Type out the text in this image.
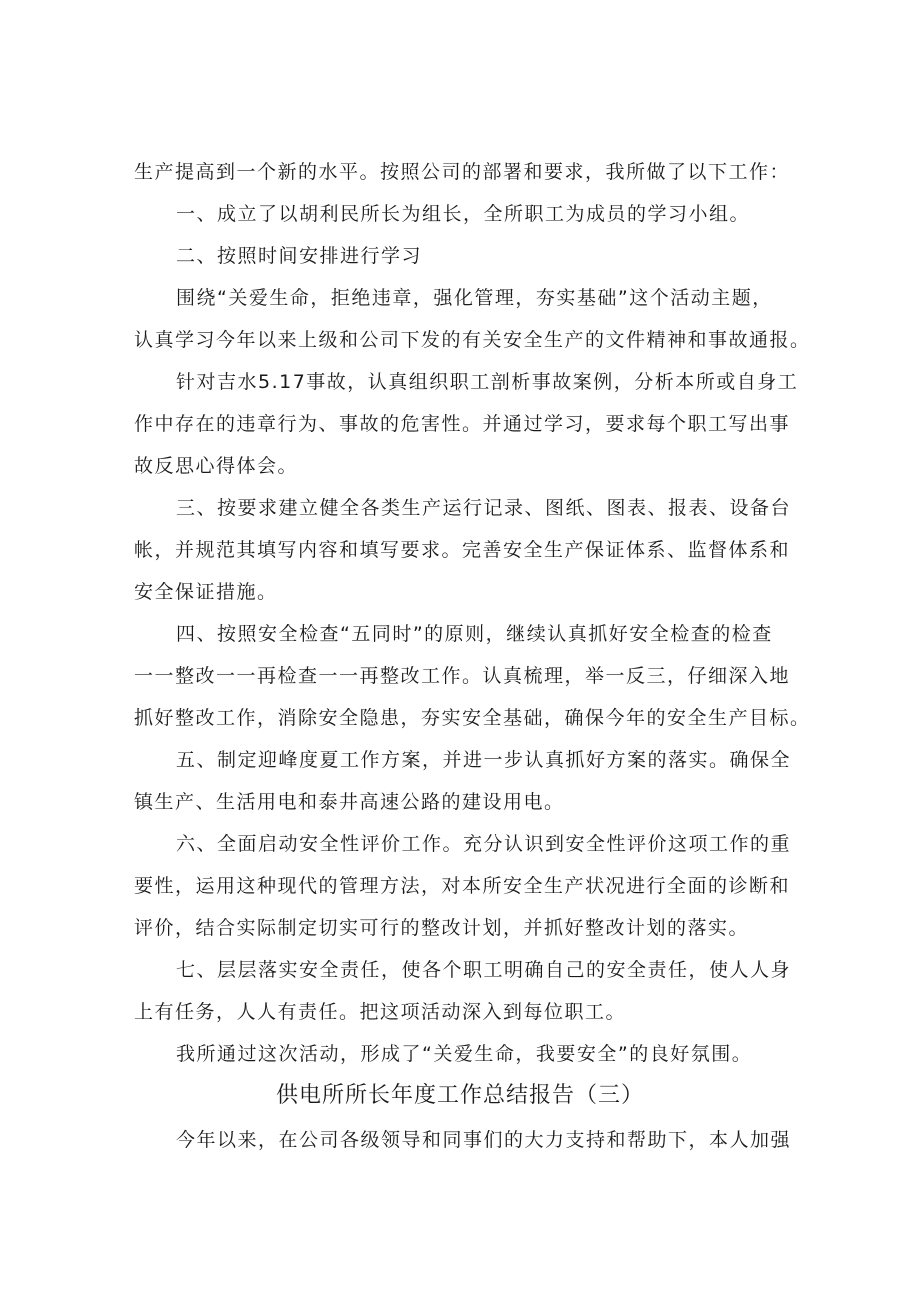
生产提高到一个新的水平。按照公司的部署和要求，我所做了以下工作：
一、成立了以胡利民所长为组长，全所职工为成员的学习小组。
二、按照时间安排进行学习
围绕“关爱生命，拒绝违章，强化管理，夯实基础”这个活动主题，
认真学习今年以来上级和公司下发的有关安全生产的文件精神和事故通报。
针对吉水5.17事故，认真组织职工剖析事故案例，分析本所或自身工
作中存在的违章行为、事故的危害性。并通过学习，要求每个职工写出事
故反思心得体会。
三、按要求建立健全各类生产运行记录、图纸、图表、报表、设备台
帐，并规范其填写内容和填写要求。完善安全生产保证体系、监督体系和
安全保证措施。
四、按照安全检查“五同时”的原则，继续认真抓好安全检查的检查
一一整改一一再检查一一再整改工作。认真梳理，举一反三，仔细深入地
抓好整改工作，消除安全隐患，夯实安全基础，确保今年的安全生产目标。
五、制定迎峰度夏工作方案，并进一步认真抓好方案的落实。确保全
镇生产、生活用电和泰井高速公路的建设用电。
六、全面启动安全性评价工作。充分认识到安全性评价这项工作的重
要性，运用这种现代的管理方法，对本所安全生产状况进行全面的诊断和
评价，结合实际制定切实可行的整改计划，并抓好整改计划的落实。
七、层层落实安全责任，使各个职工明确自己的安全责任，使人人身
上有任务，人人有责任。把这项活动深入到每位职工。
我所通过这次活动，形成了“关爱生命，我要安全”的良好氛围。
供电所所长年度工作总结报告（三）
今年以来，在公司各级领导和同事们的大力支持和帮助下，本人加强
